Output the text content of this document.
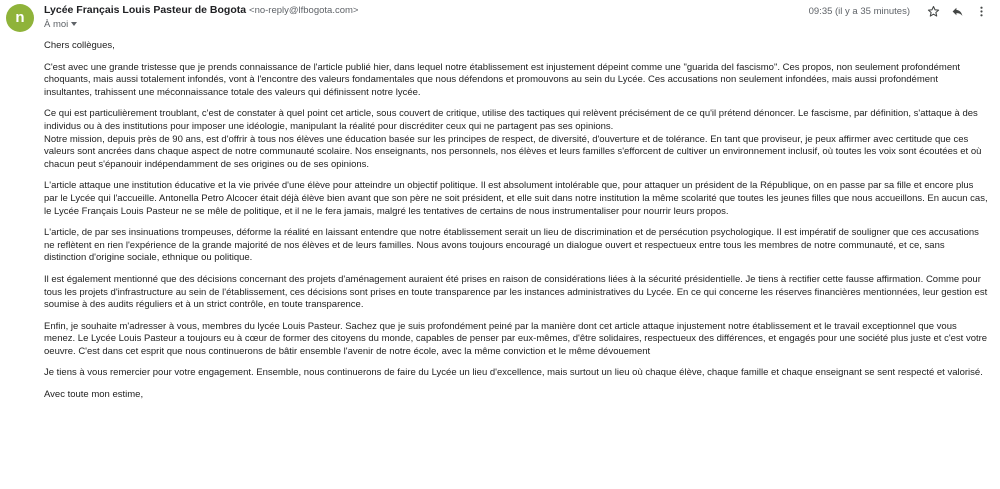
n	Lycée Français Louis Pasteur de Bogota <no-reply@lfbogota.com>
À moi
09:35 (il y a 35 minutes)

Chers collègues,

C'est avec une grande tristesse que je prends connaissance de l'article publié hier, dans lequel notre établissement est injustement dépeint comme une "guarida del fascismo". Ces propos, non seulement profondément
choquants, mais aussi totalement infondés, vont à l'encontre des valeurs fondamentales que nous défendons et promouvons au sein du Lycée. Ces accusations non seulement infondées, mais aussi profondément
insultantes, trahissent une méconnaissance totale des valeurs qui définissent notre lycée.

Ce qui est particulièrement troublant, c'est de constater à quel point cet article, sous couvert de critique, utilise des tactiques qui relèvent précisément de ce qu'il prétend dénoncer. Le fascisme, par définition, s'attaque à des
individus ou à des institutions pour imposer une idéologie, manipulant la réalité pour discréditer ceux qui ne partagent pas ses opinions.
Notre mission, depuis près de 90 ans, est d'offrir à tous nos élèves une éducation basée sur les principes de respect, de diversité, d'ouverture et de tolérance. En tant que proviseur, je peux affirmer avec certitude que ces
valeurs sont ancrées dans chaque aspect de notre communauté scolaire. Nos enseignants, nos personnels, nos élèves et leurs familles s'efforcent de cultiver un environnement inclusif, où toutes les voix sont écoutées et où
chacun peut s'épanouir indépendamment de ses origines ou de ses opinions.

L'article attaque une institution éducative et la vie privée d'une élève pour atteindre un objectif politique. Il est absolument intolérable que, pour attaquer un président de la République, on en passe par sa fille et encore plus
par le Lycée qui l'accueille. Antonella Petro Alcocer était déjà élève bien avant que son père ne soit président, et elle suit dans notre institution la même scolarité que toutes les jeunes filles que nous accueillons. En aucun cas,
le Lycée Français Louis Pasteur ne se mêle de politique, et il ne le fera jamais, malgré les tentatives de certains de nous instrumentaliser pour nourrir leurs propos.

L'article, de par ses insinuations trompeuses, déforme la réalité en laissant entendre que notre établissement serait un lieu de discrimination et de persécution psychologique. Il est impératif de souligner que ces accusations
ne reflètent en rien l'expérience de la grande majorité de nos élèves et de leurs familles. Nous avons toujours encouragé un dialogue ouvert et respectueux entre tous les membres de notre communauté, et ce, sans
distinction d'origine sociale, ethnique ou politique.

Il est également mentionné que des décisions concernant des projets d'aménagement auraient été prises en raison de considérations liées à la sécurité présidentielle. Je tiens à rectifier cette fausse affirmation. Comme pour
tous les projets d'infrastructure au sein de l'établissement, ces décisions sont prises en toute transparence par les instances administratives du Lycée. En ce qui concerne les réserves financières mentionnées, leur gestion est
soumise à des audits réguliers et à un strict contrôle, en toute transparence.

Enfin, je souhaite m'adresser à vous, membres du lycée Louis Pasteur. Sachez que je suis profondément peiné par la manière dont cet article attaque injustement notre établissement et le travail exceptionnel que vous
menez. Le Lycée Louis Pasteur a toujours eu à cœur de former des citoyens du monde, capables de penser par eux-mêmes, d'être solidaires, respectueux des différences, et engagés pour une société plus juste et c'est votre
oeuvre. C'est dans cet esprit que nous continuerons de bâtir ensemble l'avenir de notre école, avec la même conviction et le même dévouement

Je tiens à vous remercier pour votre engagement. Ensemble, nous continuerons de faire du Lycée un lieu d'excellence, mais surtout un lieu où chaque élève, chaque famille et chaque enseignant se sent respecté et valorisé.

Avec toute mon estime,
